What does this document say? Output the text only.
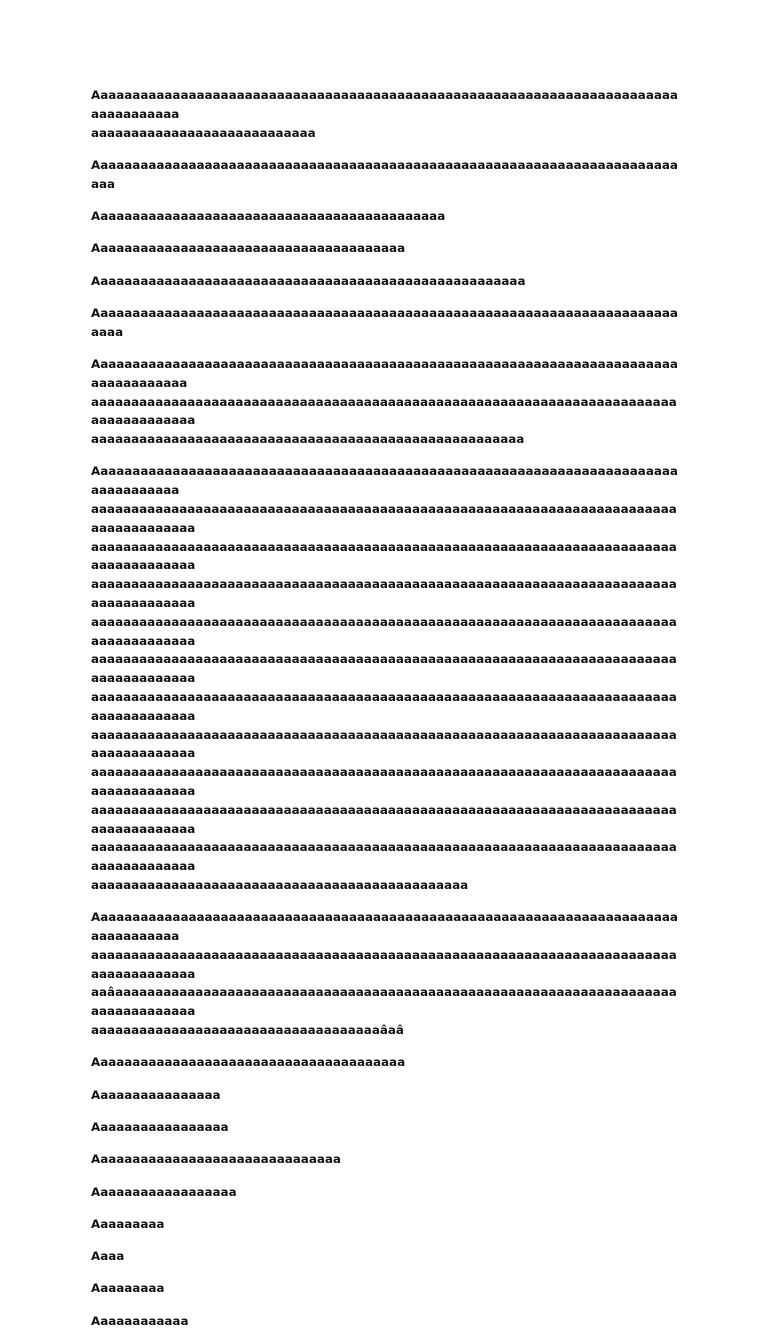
Aaaaaaaaaaaaaaaaaaaaaaaaaaaaaaaaaaaaaaaaaaaaaaaaaaaaaaaaaaaaaaaaaaaaaaaaaaaaaaaaaaaa
aaaaaaaaaaaaaaaaaaaaaaaaaaaa

Aaaaaaaaaaaaaaaaaaaaaaaaaaaaaaaaaaaaaaaaaaaaaaaaaaaaaaaaaaaaaaaaaaaaaaaaaaaa

Aaaaaaaaaaaaaaaaaaaaaaaaaaaaaaaaaaaaaaaaaaaa

Aaaaaaaaaaaaaaaaaaaaaaaaaaaaaaaaaaaaaaa

Aaaaaaaaaaaaaaaaaaaaaaaaaaaaaaaaaaaaaaaaaaaaaaaaaaaaaa

Aaaaaaaaaaaaaaaaaaaaaaaaaaaaaaaaaaaaaaaaaaaaaaaaaaaaaaaaaaaaaaaaaaaaaaaaaaaaa

Aaaaaaaaaaaaaaaaaaaaaaaaaaaaaaaaaaaaaaaaaaaaaaaaaaaaaaaaaaaaaaaaaaaaaaaaaaaaaaaaaaaaa
aaaaaaaaaaaaaaaaaaaaaaaaaaaaaaaaaaaaaaaaaaaaaaaaaaaaaaaaaaaaaaaaaaaaaaaaaaaaaaaaaaaaaa
aaaaaaaaaaaaaaaaaaaaaaaaaaaaaaaaaaaaaaaaaaaaaaaaaaaaaa

Aaaaaaaaaaaaaaaaaaaaaaaaaaaaaaaaaaaaaaaaaaaaaaaaaaaaaaaaaaaaaaaaaaaaaaaaaaaaaaaaaaaa
aaaaaaaaaaaaaaaaaaaaaaaaaaaaaaaaaaaaaaaaaaaaaaaaaaaaaaaaaaaaaaaaaaaaaaaaaaaaaaaaaaaaaa
aaaaaaaaaaaaaaaaaaaaaaaaaaaaaaaaaaaaaaaaaaaaaaaaaaaaaaaaaaaaaaaaaaaaaaaaaaaaaaaaaaaaaa
aaaaaaaaaaaaaaaaaaaaaaaaaaaaaaaaaaaaaaaaaaaaaaaaaaaaaaaaaaaaaaaaaaaaaaaaaaaaaaaaaaaaaa
aaaaaaaaaaaaaaaaaaaaaaaaaaaaaaaaaaaaaaaaaaaaaaaaaaaaaaaaaaaaaaaaaaaaaaaaaaaaaaaaaaaaaa
aaaaaaaaaaaaaaaaaaaaaaaaaaaaaaaaaaaaaaaaaaaaaaaaaaaaaaaaaaaaaaaaaaaaaaaaaaaaaaaaaaaaaa
aaaaaaaaaaaaaaaaaaaaaaaaaaaaaaaaaaaaaaaaaaaaaaaaaaaaaaaaaaaaaaaaaaaaaaaaaaaaaaaaaaaaaa
aaaaaaaaaaaaaaaaaaaaaaaaaaaaaaaaaaaaaaaaaaaaaaaaaaaaaaaaaaaaaaaaaaaaaaaaaaaaaaaaaaaaaa
aaaaaaaaaaaaaaaaaaaaaaaaaaaaaaaaaaaaaaaaaaaaaaaaaaaaaaaaaaaaaaaaaaaaaaaaaaaaaaaaaaaaaa
aaaaaaaaaaaaaaaaaaaaaaaaaaaaaaaaaaaaaaaaaaaaaaaaaaaaaaaaaaaaaaaaaaaaaaaaaaaaaaaaaaaaaa
aaaaaaaaaaaaaaaaaaaaaaaaaaaaaaaaaaaaaaaaaaaaaaaaaaaaaaaaaaaaaaaaaaaaaaaaaaaaaaaaaaaaaa
aaaaaaaaaaaaaaaaaaaaaaaaaaaaaaaaaaaaaaaaaaaaaaa

Aaaaaaaaaaaaaaaaaaaaaaaaaaaaaaaaaaaaaaaaaaaaaaaaaaaaaaaaaaaaaaaaaaaaaaaaaaaaaaaaaaaa
aaaaaaaaaaaaaaaaaaaaaaaaaaaaaaaaaaaaaaaaaaaaaaaaaaaaaaaaaaaaaaaaaaaaaaaaaaaaaaaaaaaaaa
aaâaaaaaaaaaaaaaaaaaaaaaaaaaaaaaaaaaaaaaaaaaaaaaaaaaaaaaaaaaaaaaaaaaaaaaaaaaaaaaaaaaaa
aaaaaaaaaaaaaaaaaaaaaaaaaaaaaaaaaaaaâaâ

Aaaaaaaaaaaaaaaaaaaaaaaaaaaaaaaaaaaaaaa

Aaaaaaaaaaaaaaaa

Aaaaaaaaaaaaaaaaa

Aaaaaaaaaaaaaaaaaaaaaaaaaaaaaaa

Aaaaaaaaaaaaaaaaaa

Aaaaaaaaa

Aaaa

Aaaaaaaaa

Aaaaaaaaaaaa
